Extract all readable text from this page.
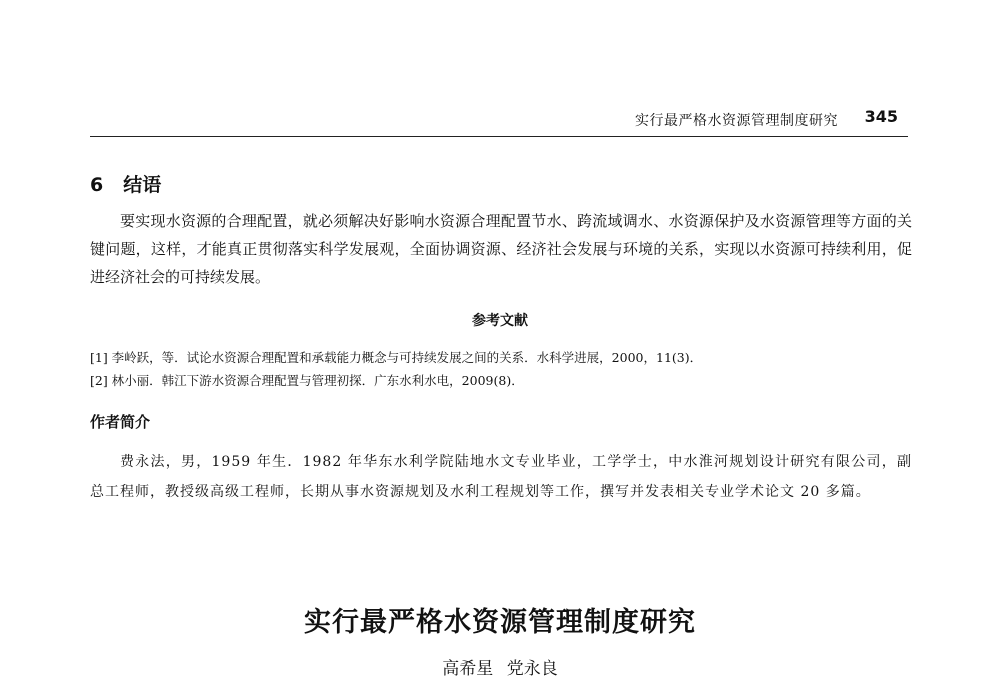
实行最严格水资源管理制度研究 345
6 结语

要实现水资源的合理配置，就必须解决好影响水资源合理配置节水、跨流域调水、水资源保护及水资源管理等方面的关键问题，这样，才能真正贯彻落实科学发展观，全面协调资源、经济社会发展与环境的关系，实现以水资源可持续利用，促进经济社会的可持续发展。

参考文献
[1] 李岭跃，等．试论水资源合理配置和承载能力概念与可持续发展之间的关系．水科学进展，2000，11(3)．
[2] 林小丽．韩江下游水资源合理配置与管理初探．广东水利水电，2009(8)．
作者简介

费永法，男，1959 年生．1982 年华东水利学院陆地水文专业毕业，工学学士，中水淮河规划设计研究有限公司，副总工程师，教授级高级工程师，长期从事水资源规划及水利工程规划等工作，撰写并发表相关专业学术论文 20 多篇。

实行最严格水资源管理制度研究
高希星 党永良
